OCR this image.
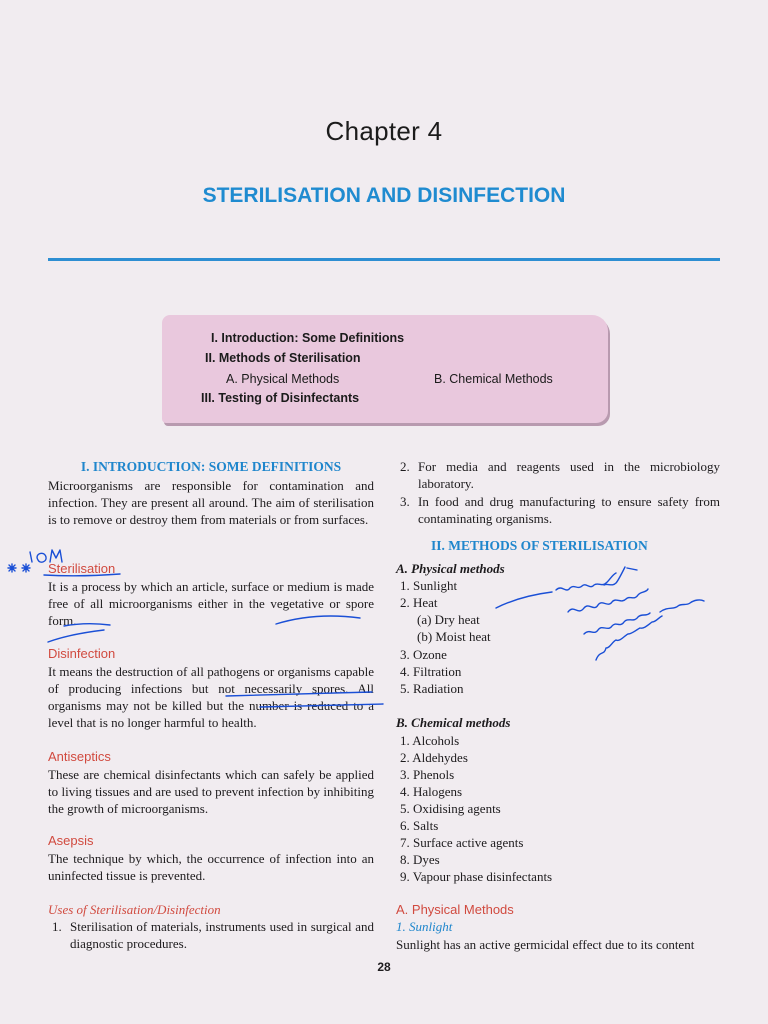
Chapter 4
STERILISATION AND DISINFECTION
I. Introduction: Some Definitions
II. Methods of Sterilisation
A. Physical Methods	B. Chemical Methods
III. Testing of Disinfectants
I. INTRODUCTION: SOME DEFINITIONS

Microorganisms are responsible for contamination and infection. They are present all around. The aim of sterilisation is to remove or destroy them from materials or from surfaces.

Sterilisation

It is a process by which an article, surface or medium is made free of all microorganisms either in the vegetative or spore form.

Disinfection

It means the destruction of all pathogens or organisms capable of producing infections but not necessarily spores. All organisms may not be killed but the number is reduced to a level that is no longer harmful to health.

Antiseptics

These are chemical disinfectants which can safely be applied to living tissues and are used to prevent infection by inhibiting the growth of microorganisms.

Asepsis

The technique by which, the occurrence of infection into an uninfected tissue is prevented.

Uses of Sterilisation/Disinfection
1. Sterilisation of materials, instruments used in surgical and diagnostic procedures.

2. For media and reagents used in the microbiology laboratory.

3. In food and drug manufacturing to ensure safety from contaminating organisms.

II. METHODS OF STERILISATION
A. Physical methods
1. Sunlight
2. Heat
(a) Dry heat
(b) Moist heat
3. Ozone
4. Filtration
5. Radiation
B. Chemical methods
1. Alcohols
2. Aldehydes
3. Phenols
4. Halogens
5. Oxidising agents
6. Salts
7. Surface active agents
8. Dyes
9. Vapour phase disinfectants
A. Physical Methods
1. Sunlight
Sunlight has an active germicidal effect due to its content
28
